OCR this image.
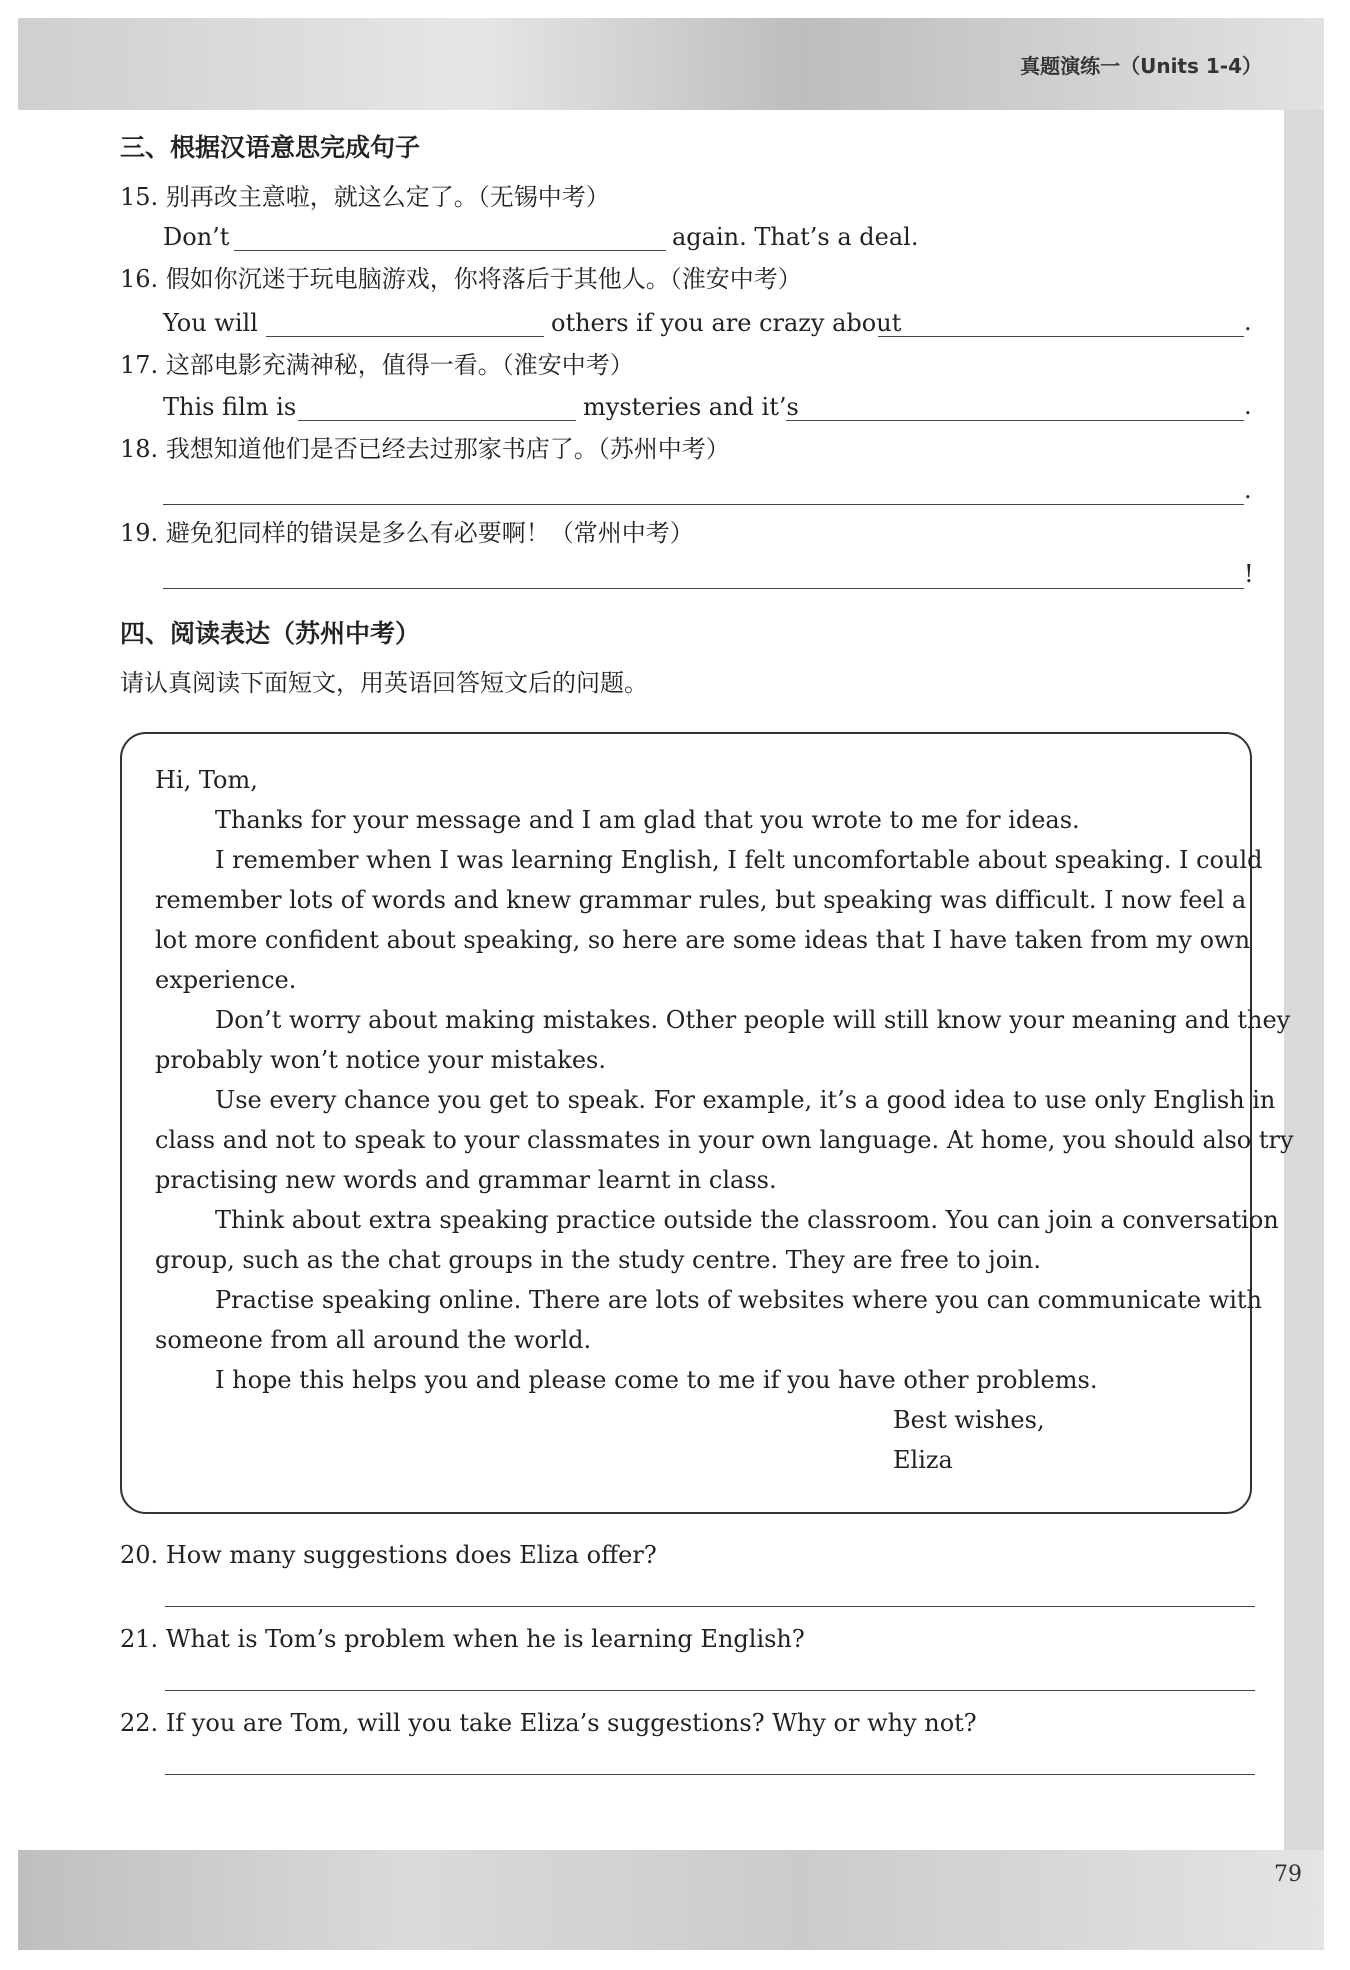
真题演练一（Units 1-4）
79
三、根据汉语意思完成句子
15. 别再改主意啦，就这么定了。（无锡中考）
Don’t	again. That’s a deal.
16. 假如你沉迷于玩电脑游戏，你将落后于其他人。（淮安中考）
You will	others if you are crazy about	.
17. 这部电影充满神秘，值得一看。（淮安中考）
This film is	mysteries and it’s	.
18. 我想知道他们是否已经去过那家书店了。（苏州中考）
.
19. 避免犯同样的错误是多么有必要啊！（常州中考）
!
四、阅读表达（苏州中考）
请认真阅读下面短文，用英语回答短文后的问题。
Hi, Tom,
Thanks for your message and I am glad that you wrote to me for ideas.
I remember when I was learning English, I felt uncomfortable about speaking. I could
remember lots of words and knew grammar rules, but speaking was difficult. I now feel a
lot more confident about speaking, so here are some ideas that I have taken from my own
experience.
Don’t worry about making mistakes. Other people will still know your meaning and they
probably won’t notice your mistakes.
Use every chance you get to speak. For example, it’s a good idea to use only English in
class and not to speak to your classmates in your own language. At home, you should also try
practising new words and grammar learnt in class.
Think about extra speaking practice outside the classroom. You can join a conversation
group, such as the chat groups in the study centre. They are free to join.
Practise speaking online. There are lots of websites where you can communicate with
someone from all around the world.
I hope this helps you and please come to me if you have other problems.
Best wishes,
Eliza
20. How many suggestions does Eliza offer?
21. What is Tom’s problem when he is learning English?
22. If you are Tom, will you take Eliza’s suggestions? Why or why not?
